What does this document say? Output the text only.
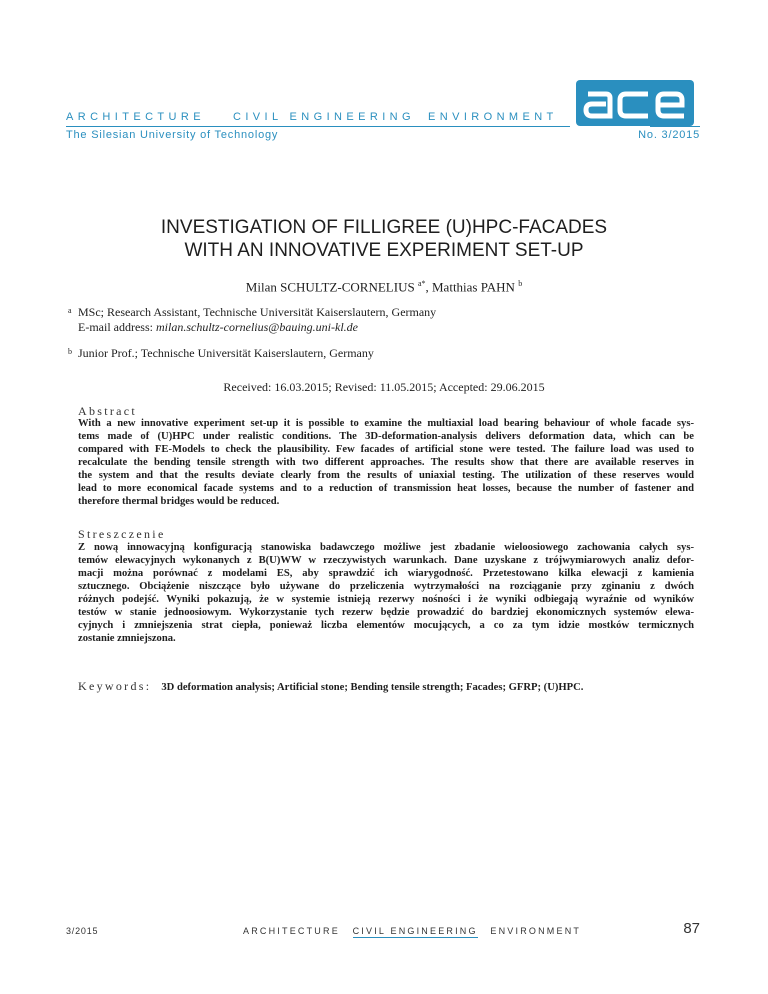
ARCHITECTURE	CIVIL ENGINEERING ENVIRONMENT
The Silesian University of Technology	No. 3/2015
INVESTIGATION OF FILLIGREE (U)HPC-FACADES
WITH AN INNOVATIVE EXPERIMENT SET-UP
Milan SCHULTZ-CORNELIUS $^{a*}$, Matthias PAHN $^b$
a MSc; Research Assistant, Technische Universität Kaiserslautern, Germany
E-mail address: milan.schultz-cornelius@bauing.uni-kl.de
b Junior Prof.; Technische Universität Kaiserslautern, Germany
Received: 16.03.2015; Revised: 11.05.2015; Accepted: 29.06.2015
Abstract
With a new innovative experiment set-up it is possible to examine the multiaxial load bearing behaviour of whole facade sys-
tems made of (U)HPC under realistic conditions. The 3D-deformation-analysis delivers deformation data, which can be
compared with FE-Models to check the plausibility. Few facades of artificial stone were tested. The failure load was used to
recalculate the bending tensile strength with two different approaches. The results show that there are available reserves in
the system and that the results deviate clearly from the results of uniaxial testing. The utilization of these reserves would
lead to more economical facade systems and to a reduction of transmission heat losses, because the number of fastener and
therefore thermal bridges would be reduced.
Streszczenie
Z nową innowacyjną konfiguracją stanowiska badawczego możliwe jest zbadanie wieloosiowego zachowania całych sys-
temów elewacyjnych wykonanych z B(U)WW w rzeczywistych warunkach. Dane uzyskane z trójwymiarowych analiz defor-
macji można porównać z modelami ES, aby sprawdzić ich wiarygodność. Przetestowano kilka elewacji z kamienia
sztucznego. Obciążenie niszczące było używane do przeliczenia wytrzymałości na rozciąganie przy zginaniu z dwóch
różnych podejść. Wyniki pokazują, że w systemie istnieją rezerwy nośności i że wyniki odbiegają wyraźnie od wyników
testów w stanie jednoosiowym. Wykorzystanie tych rezerw będzie prowadzić do bardziej ekonomicznych systemów elewa-
cyjnych i zmniejszenia strat ciepła, ponieważ liczba elementów mocujących, a co za tym idzie mostków termicznych
zostanie zmniejszona.
Keywords: 3D deformation analysis; Artificial stone; Bending tensile strength; Facades; GFRP; (U)HPC.
3/2015	ARCHITECTURE CIVIL ENGINEERING ENVIRONMENT	87
